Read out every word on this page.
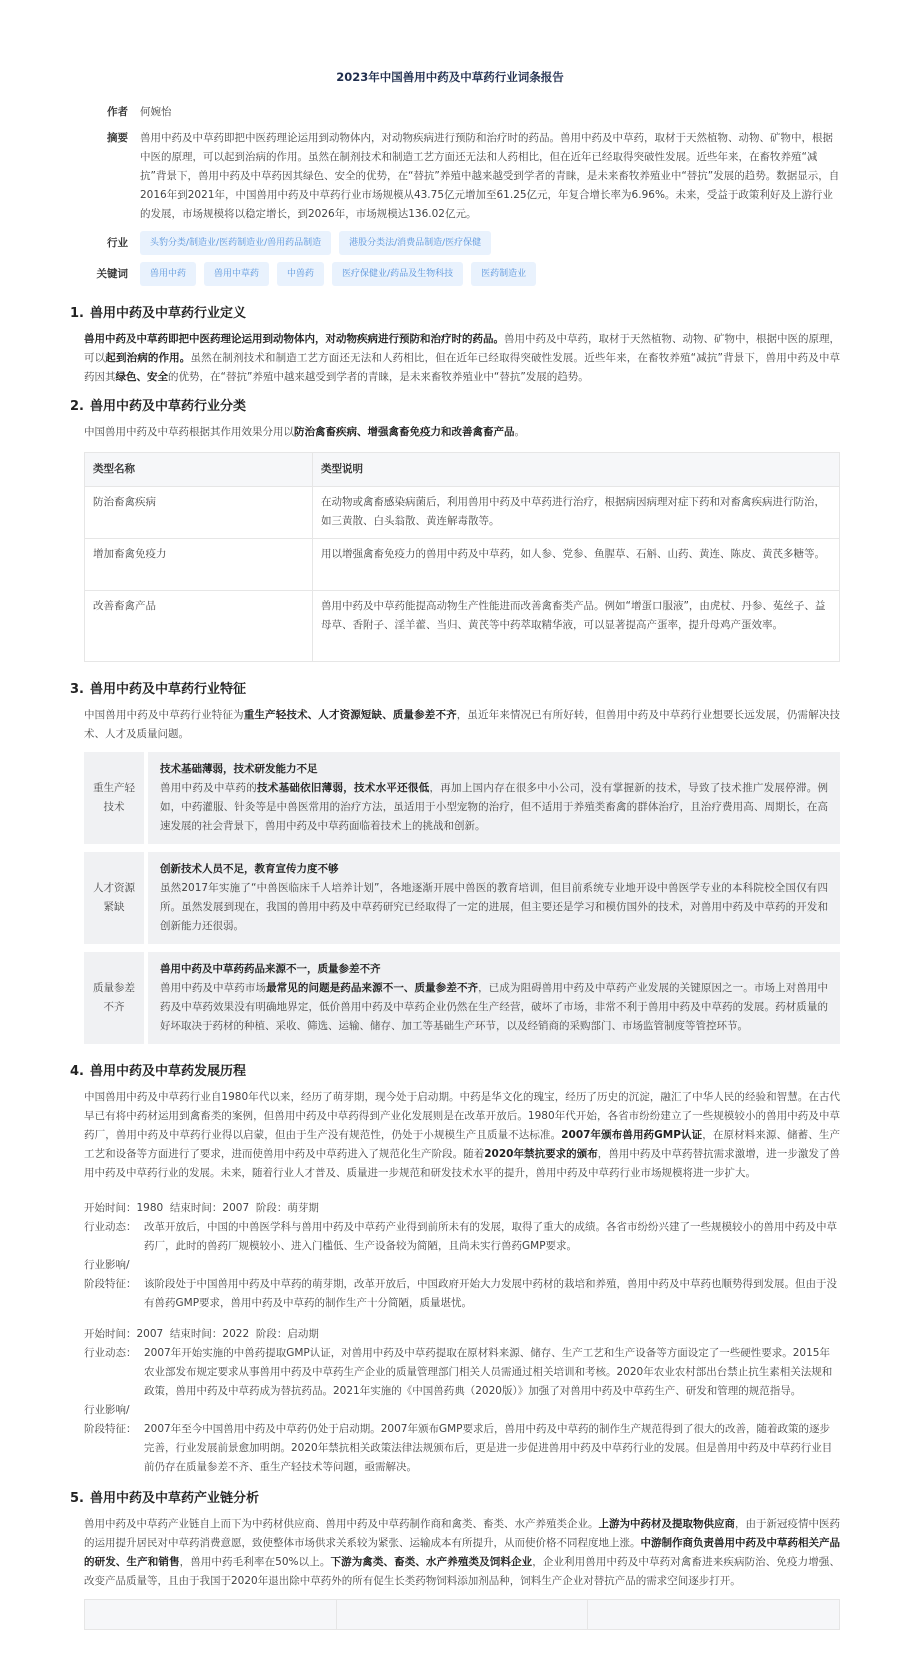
2023年中国兽用中药及中草药行业词条报告
作者 何婉怡
摘要 兽用中药及中草药即把中医药理论运用到动物体内，对动物疾病进行预防和治疗时的药品。兽用中药及中草药，取材于天然植物、动物、矿物中，根据中医的原理，可以起到治病的作用。虽然在制剂技术和制造工艺方面还无法和人药相比，但在近年已经取得突破性发展。近些年来，在畜牧养殖“减抗”背景下，兽用中药及中草药因其绿色、安全的优势，在“替抗”养殖中越来越受到学者的青睐，是未来畜牧养殖业中“替抗”发展的趋势。数据显示，自2016年到2021年，中国兽用中药及中草药行业市场规模从43.75亿元增加至61.25亿元，年复合增长率为6.96%。未来，受益于政策利好及上游行业的发展，市场规模将以稳定增长，到2026年，市场规模达136.02亿元。
行业	头豹分类/制造业/医药制造业/兽用药品制造	港股分类法/消费品制造/医疗保健
关键词	兽用中药	兽用中草药	中兽药	医疗保健业/药品及生物科技	医药制造业
1. 兽用中药及中草药行业定义
兽用中药及中草药即把中医药理论运用到动物体内，对动物疾病进行预防和治疗时的药品。兽用中药及中草药，取材于天然植物、动物、矿物中，根据中医的原理，可以起到治病的作用。虽然在制剂技术和制造工艺方面还无法和人药相比，但在近年已经取得突破性发展。近些年来，在畜牧养殖“减抗”背景下，兽用中药及中草药因其绿色、安全的优势，在“替抗”养殖中越来越受到学者的青睐，是未来畜牧养殖业中“替抗”发展的趋势。
2. 兽用中药及中草药行业分类
中国兽用中药及中草药根据其作用效果分用以防治禽畜疾病、增强禽畜免疫力和改善禽畜产品。
类型名称	类型说明
防治畜禽疾病	在动物或禽畜感染病菌后，利用兽用中药及中草药进行治疗，根据病因病理对症下药和对畜禽疾病进行防治，如三黄散、白头翁散、黄连解毒散等。
增加畜禽免疫力	用以增强禽畜免疫力的兽用中药及中草药，如人参、党参、鱼腥草、石斛、山药、黄连、陈皮、黄芪多糖等。
改善畜禽产品	兽用中药及中草药能提高动物生产性能进而改善禽畜类产品。例如“增蛋口服液”，由虎杖、丹参、菟丝子、益母草、香附子、淫羊藿、当归、黄芪等中药萃取精华液，可以显著提高产蛋率，提升母鸡产蛋效率。
3. 兽用中药及中草药行业特征
中国兽用中药及中草药行业特征为重生产轻技术、人才资源短缺、质量参差不齐，虽近年来情况已有所好转，但兽用中药及中草药行业想要长远发展，仍需解决技术、人才及质量问题。
重生产轻技术
技术基础薄弱，技术研发能力不足
兽用中药及中草药的技术基础依旧薄弱，技术水平还很低，再加上国内存在很多中小公司，没有掌握新的技术，导致了技术推广发展停滞。例如，中药灌服、针灸等是中兽医常用的治疗方法，虽适用于小型宠物的治疗，但不适用于养殖类畜禽的群体治疗，且治疗费用高、周期长，在高速发展的社会背景下，兽用中药及中草药面临着技术上的挑战和创新。
人才资源紧缺
创新技术人员不足，教育宣传力度不够
虽然2017年实施了“中兽医临床千人培养计划”，各地逐渐开展中兽医的教育培训，但目前系统专业地开设中兽医学专业的本科院校全国仅有四所。虽然发展到现在，我国的兽用中药及中草药研究已经取得了一定的进展，但主要还是学习和模仿国外的技术，对兽用中药及中草药的开发和创新能力还很弱。
质量参差不齐
兽用中药及中草药药品来源不一，质量参差不齐
兽用中药及中草药市场最常见的问题是药品来源不一、质量参差不齐，已成为阻碍兽用中药及中草药产业发展的关键原因之一。市场上对兽用中药及中草药效果没有明确地界定，低价兽用中药及中草药企业仍然在生产经营，破坏了市场，非常不利于兽用中药及中草药的发展。药材质量的好坏取决于药材的种植、采收、筛选、运输、储存、加工等基础生产环节，以及经销商的采购部门、市场监管制度等管控环节。
4. 兽用中药及中草药发展历程
中国兽用中药及中草药行业自1980年代以来，经历了萌芽期，现今处于启动期。中药是华文化的瑰宝，经历了历史的沉淀，融汇了中华人民的经验和智慧。在古代早已有将中药材运用到禽畜类的案例，但兽用中药及中草药得到产业化发展则是在改革开放后。1980年代开始，各省市纷纷建立了一些规模较小的兽用中药及中草药厂，兽用中药及中草药行业得以启蒙，但由于生产没有规范性，仍处于小规模生产且质量不达标准。2007年颁布兽用药GMP认证，在原材料来源、储蓄、生产工艺和设备等方面进行了要求，进而使兽用中药及中草药进入了规范化生产阶段。随着2020年禁抗要求的颁布，兽用中药及中草药替抗需求激增，进一步激发了兽用中药及中草药行业的发展。未来，随着行业人才普及、质量进一步规范和研发技术水平的提升，兽用中药及中草药行业市场规模将进一步扩大。
开始时间： 1980
结束时间： 2007
阶段： 萌芽期
行业动态： 改革开放后，中国的中兽医学科与兽用中药及中草药产业得到前所未有的发展，取得了重大的成绩。各省市纷纷兴建了一些规模较小的兽用中药及中草药厂，此时的兽药厂规模较小、进入门槛低、生产设备较为简陋，且尚未实行兽药GMP要求。
行业影响/
阶段特征： 该阶段处于中国兽用中药及中草药的萌芽期，改革开放后，中国政府开始大力发展中药材的栽培和养殖，兽用中药及中草药也顺势得到发展。但由于没有兽药GMP要求，兽用中药及中草药的制作生产十分简陋，质量堪忧。
开始时间： 2007
结束时间： 2022
阶段： 启动期
行业动态： 2007年开始实施的中兽药提取GMP认证，对兽用中药及中草药提取在原材料来源、储存、生产工艺和生产设备等方面设定了一些硬性要求。2015年农业部发布规定要求从事兽用中药及中草药生产企业的质量管理部门相关人员需通过相关培训和考核。2020年农业农村部出台禁止抗生素相关法规和政策，兽用中药及中草药成为替抗药品。2021年实施的《中国兽药典（2020版）》加强了对兽用中药及中草药生产、研发和管理的规范指导。
行业影响/
阶段特征： 2007年至今中国兽用中药及中草药仍处于启动期。2007年颁布GMP要求后，兽用中药及中草药的制作生产规范得到了很大的改善，随着政策的逐步完善，行业发展前景愈加明朗。2020年禁抗相关政策法律法规颁布后，更是进一步促进兽用中药及中草药行业的发展。但是兽用中药及中草药行业目前仍存在质量参差不齐、重生产轻技术等问题，亟需解决。
5. 兽用中药及中草药产业链分析
兽用中药及中草药产业链自上而下为中药材供应商、兽用中药及中草药制作商和禽类、畜类、水产养殖类企业。上游为中药材及提取物供应商，由于新冠疫情中医药的运用提升居民对中草药消费意愿，致使整体市场供求关系较为紧张、运输成本有所提升，从而使价格不同程度地上涨。中游制作商负责兽用中药及中草药相关产品的研发、生产和销售，兽用中药毛利率在50%以上。下游为禽类、畜类、水产养殖类及饲料企业，企业利用兽用中药及中草药对禽畜进来疾病防治、免疫力增强、改变产品质量等，且由于我国于2020年退出除中草药外的所有促生长类药物饲料添加剂品种，饲料生产企业对替抗产品的需求空间逐步打开。
